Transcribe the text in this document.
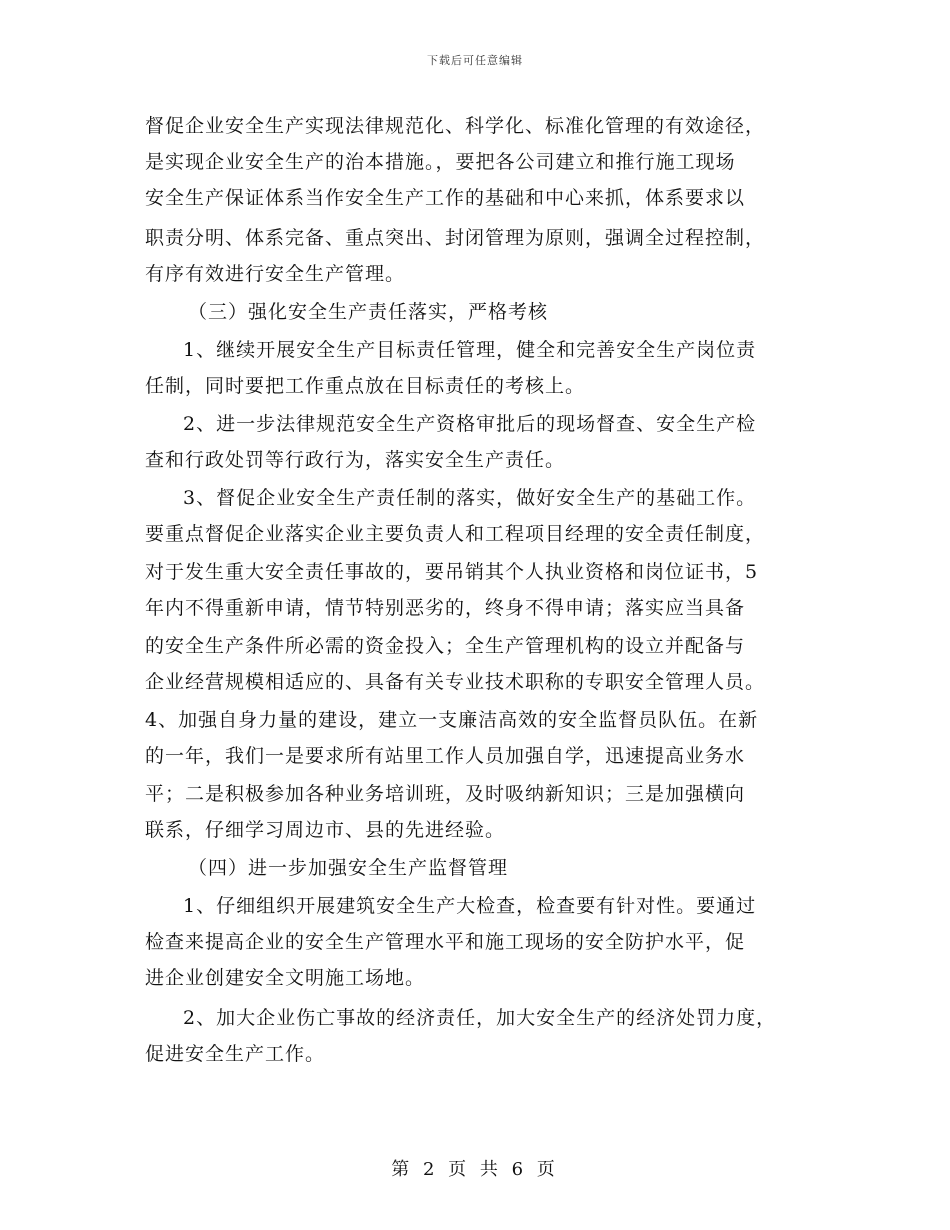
下载后可任意编辑
督促企业安全生产实现法律规范化、科学化、标准化管理的有效途径，
是实现企业安全生产的治本措施。，要把各公司建立和推行施工现场
安全生产保证体系当作安全生产工作的基础和中心来抓，体系要求以
职责分明、体系完备、重点突出、封闭管理为原则，强调全过程控制，
有序有效进行安全生产管理。
（三）强化安全生产责任落实，严格考核
1、继续开展安全生产目标责任管理，健全和完善安全生产岗位责
任制，同时要把工作重点放在目标责任的考核上。
2、进一步法律规范安全生产资格审批后的现场督查、安全生产检
查和行政处罚等行政行为，落实安全生产责任。
3、督促企业安全生产责任制的落实，做好安全生产的基础工作。
要重点督促企业落实企业主要负责人和工程项目经理的安全责任制度，
对于发生重大安全责任事故的，要吊销其个人执业资格和岗位证书，5
年内不得重新申请，情节特别恶劣的，终身不得申请；落实应当具备
的安全生产条件所必需的资金投入；全生产管理机构的设立并配备与
企业经营规模相适应的、具备有关专业技术职称的专职安全管理人员。
4、加强自身力量的建设，建立一支廉洁高效的安全监督员队伍。在新
的一年，我们一是要求所有站里工作人员加强自学，迅速提高业务水
平；二是积极参加各种业务培训班，及时吸纳新知识；三是加强横向
联系，仔细学习周边市、县的先进经验。
（四）进一步加强安全生产监督管理
1、仔细组织开展建筑安全生产大检查，检查要有针对性。要通过
检查来提高企业的安全生产管理水平和施工现场的安全防护水平，促
进企业创建安全文明施工场地。
2、加大企业伤亡事故的经济责任，加大安全生产的经济处罚力度，
促进安全生产工作。
第 2 页 共 6 页
